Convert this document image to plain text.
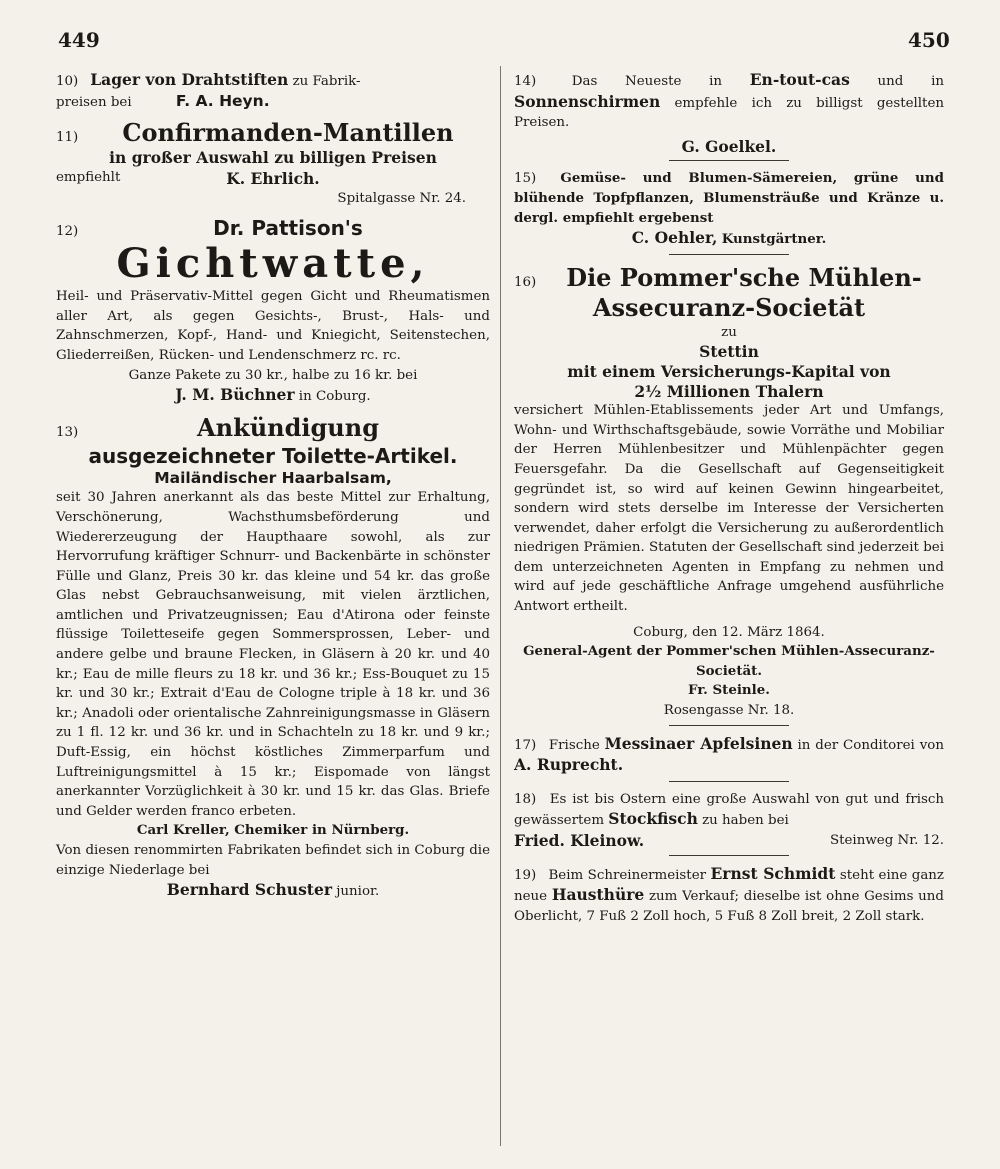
449	450
10) Lager von Drahtstiften zu Fabrik-
preisen bei	F. A. Heyn.
11)	Confirmanden-Mantillen
in großer Auswahl zu billigen Preisen
empfiehlt	K. Ehrlich.
Spitalgasse Nr. 24.
12)	Dr. Pattison's
Gichtwatte,
Heil- und Präservativ-Mittel gegen Gicht und Rheumatismen aller Art, als gegen Gesichts-, Brust-, Hals- und Zahnschmerzen, Kopf-, Hand- und Kniegicht, Seitenstechen, Gliederreißen, Rücken- und Lendenschmerz rc. rc.
Ganze Pakete zu 30 kr., halbe zu 16 kr. bei
J. M. Büchner in Coburg.
13)	Ankündigung
ausgezeichneter Toilette-Artikel.
Mailändischer Haarbalsam,
seit 30 Jahren anerkannt als das beste Mittel zur Erhaltung, Verschönerung, Wachsthumsbeförderung und Wiedererzeugung der Haupthaare sowohl, als zur Hervorrufung kräftiger Schnurr- und Backenbärte in schönster Fülle und Glanz, Preis 30 kr. das kleine und 54 kr. das große Glas nebst Gebrauchsanweisung, mit vielen ärztlichen, amtlichen und Privatzeugnissen; Eau d'Atirona oder feinste flüssige Toiletteseife gegen Sommersprossen, Leber- und andere gelbe und braune Flecken, in Gläsern à 20 kr. und 40 kr.; Eau de mille fleurs zu 18 kr. und 36 kr.; Ess-Bouquet zu 15 kr. und 30 kr.; Extrait d'Eau de Cologne triple à 18 kr. und 36 kr.; Anadoli oder orientalische Zahnreinigungsmasse in Gläsern zu 1 fl. 12 kr. und 36 kr. und in Schachteln zu 18 kr. und 9 kr.; Duft-Essig, ein höchst köstliches Zimmerparfum und Luftreinigungsmittel à 15 kr.; Eispomade von längst anerkannter Vorzüglichkeit à 30 kr. und 15 kr. das Glas. Briefe und Gelder werden franco erbeten.
Carl Kreller, Chemiker in Nürnberg.
Von diesen renommirten Fabrikaten befindet sich in Coburg die einzige Niederlage bei
Bernhard Schuster junior.
14)	Das Neueste in En-tout-cas und in Sonnenschirmen empfehle ich zu billigst gestellten Preisen.
G. Goelkel.
15) Gemüse- und Blumen-Sämereien, grüne und blühende Topfpflanzen, Blumensträuße und Kränze u. dergl. empfiehlt ergebenst
C. Oehler, Kunstgärtner.
16)	Die Pommer'sche Mühlen-
Assecuranz-Societät
zu
Stettin
mit einem Versicherungs-Kapital von
2½ Millionen Thalern
versichert Mühlen-Etablissements jeder Art und Umfangs, Wohn- und Wirthschaftsgebäude, sowie Vorräthe und Mobiliar der Herren Mühlenbesitzer und Mühlenpächter gegen Feuersgefahr. Da die Gesellschaft auf Gegenseitigkeit gegründet ist, so wird auf keinen Gewinn hingearbeitet, sondern wird stets derselbe im Interesse der Versicherten verwendet, daher erfolgt die Versicherung zu außerordentlich niedrigen Prämien. Statuten der Gesellschaft sind jederzeit bei dem unterzeichneten Agenten in Empfang zu nehmen und wird auf jede geschäftliche Anfrage umgehend ausführliche Antwort ertheilt.
Coburg, den 12. März 1864.
General-Agent der Pommer'schen Mühlen-Assecuranz-Societät.
Fr. Steinle.
Rosengasse Nr. 18.
17) Frische Messinaer Apfelsinen in der Conditorei von A. Ruprecht.
18) Es ist bis Ostern eine große Auswahl von gut und frisch gewässertem Stockfisch zu haben bei
Fried. Kleinow.	Steinweg Nr. 12.
19) Beim Schreinermeister Ernst Schmidt steht eine ganz neue Hausthüre zum Verkauf; dieselbe ist ohne Gesims und Oberlicht, 7 Fuß 2 Zoll hoch, 5 Fuß 8 Zoll breit, 2 Zoll stark.
